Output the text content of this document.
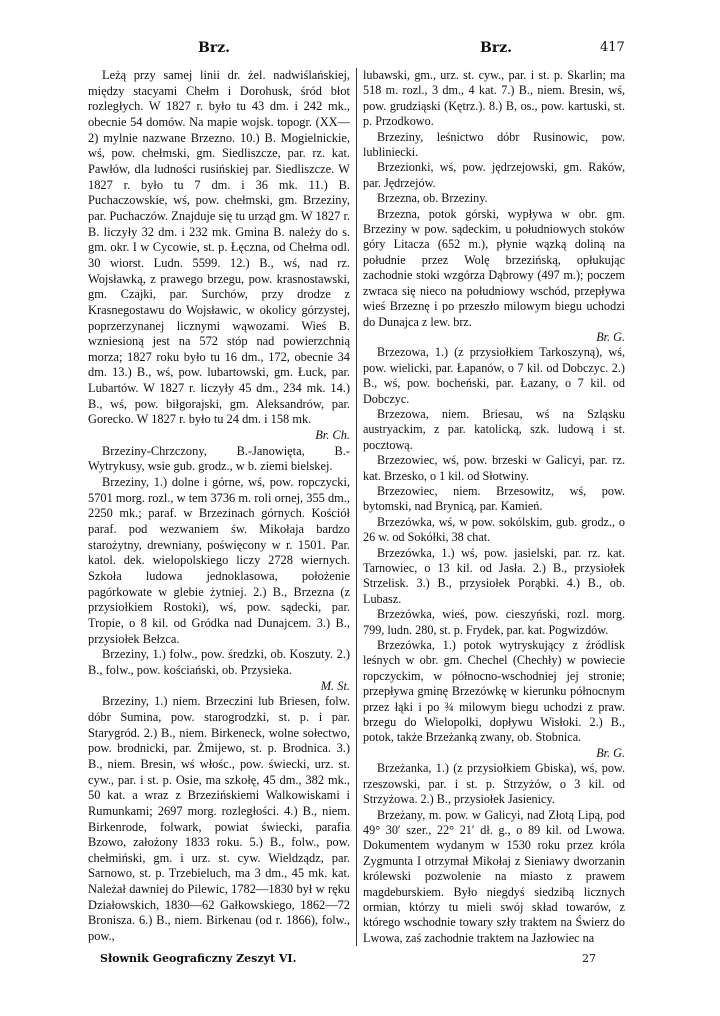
Brz.	Brz.	417

Leżą przy samej linii dr. żel. nadwiślańskiej, między stacyami Chełm i Dorohusk, śród błot rozległych. W 1827 r. było tu 43 dm. i 242 mk., obecnie 54 domów. Na mapie wojsk. topogr. (XX—2) mylnie nazwane Brzezno. 10.) B. Mogielnickie, wś, pow. chełmski, gm. Siedliszcze, par. rz. kat. Pawłów, dla ludności rusińskiej par. Siedliszcze. W 1827 r. było tu 7 dm. i 36 mk. 11.) B. Puchaczowskie, wś, pow. chełmski, gm. Brzeziny, par. Puchaczów. Znajduje się tu urząd gm. W 1827 r. B. liczyły 32 dm. i 232 mk. Gmina B. należy do s. gm. okr. I w Cycowie, st. p. Łęczna, od Chełma odl. 30 wiorst. Ludn. 5599. 12.) B., wś, nad rz. Wojsławką, z prawego brzegu, pow. krasnostawski, gm. Czajki, par. Surchów, przy drodze z Krasnegostawu do Wojsławic, w okolicy górzystej, poprzerzynanej licznymi wąwozami. Wieś B. wzniesioną jest na 572 stóp nad powierzchnią morza; 1827 roku było tu 16 dm., 172, obecnie 34 dm. 13.) B., wś, pow. lubartowski, gm. Łuck, par. Lubartów. W 1827 r. liczyły 45 dm., 234 mk. 14.) B., wś, pow. biłgorajski, gm. Aleksandrów, par. Gorecko. W 1827 r. było tu 24 dm. i 158 mk.

Br. Ch.

Brzeziny-Chrzczony, B.-Janowięta, B.-Wytrykusy, wsie gub. grodz., w b. ziemi bielskej.

Brzeziny, 1.) dolne i górne, wś, pow. ropczycki, 5701 morg. rozl., w tem 3736 m. roli ornej, 355 dm., 2250 mk.; paraf. w Brzezinach górnych. Kościół paraf. pod wezwaniem św. Mikołaja bardzo starożytny, drewniany, poświęcony w r. 1501. Par. katol. dek. wielopolskiego liczy 2728 wiernych. Szkoła ludowa jednoklasowa, położenie pagórkowate w glebie żytniej. 2.) B., Brzezna (z przysiołkiem Rostoki), wś, pow. sądecki, par. Tropie, o 8 kil. od Gródka nad Dunajcem. 3.) B., przysiołek Bełzca.

Brzeziny, 1.) folw., pow. średzki, ob. Koszuty. 2.) B., folw., pow. kościański, ob. Przysieka.

M. St.

Brzeziny, 1.) niem. Brzeczini lub Briesen, folw. dóbr Sumina, pow. starogrodzki, st. p. i par. Starygród. 2.) B., niem. Birkeneck, wolne sołectwo, pow. brodnicki, par. Żmijewo, st. p. Brodnica. 3.) B., niem. Bresin, wś włośc., pow. świecki, urz. st. cyw., par. i st. p. Osie, ma szkołę, 45 dm., 382 mk., 50 kat. a wraz z Brzezińskiemi Walkowiskami i Rumunkami; 2697 morg. rozległości. 4.) B., niem. Birkenrode, folwark, powiat świecki, parafia Bzowo, założony 1833 roku. 5.) B., folw., pow. chełmiński, gm. i urz. st. cyw. Wieldządz, par. Sarnowo, st. p. Trzebieluch, ma 3 dm., 45 mk. kat. Należał dawniej do Pilewic, 1782—1830 był w ręku Działowskich, 1830—62 Gałkowskiego, 1862—72 Bronisza. 6.) B., niem. Birkenau (od r. 1866), folw., pow.,

lubawski, gm., urz. st. cyw., par. i st. p. Skarlin; ma 518 m. rozl., 3 dm., 4 kat. 7.) B., niem. Bresin, wś, pow. grudziąski (Kętrz.). 8.) B, os., pow. kartuski, st. p. Przodkowo.

Brzeziny, leśnictwo dóbr Rusinowic, pow. lubliniecki.

Brzezionki, wś, pow. jędrzejowski, gm. Raków, par. Jędrzejów.

Brzezna, ob. Brzeziny.

Brzezna, potok górski, wypływa w obr. gm. Brzeziny w pow. sądeckim, u południowych stoków góry Litacza (652 m.), płynie wązką doliną na południe przez Wolę brzezińską, opłukując zachodnie stoki wzgórza Dąbrowy (497 m.); poczem zwraca się nieco na południowy wschód, przepływa wieś Brzeznę i po przeszło milowym biegu uchodzi do Dunajca z lew. brz.

Br. G.

Brzezowa, 1.) (z przysiołkiem Tarkoszyną), wś, pow. wielicki, par. Łapanów, o 7 kil. od Dobczyc. 2.) B., wś, pow. bocheński, par. Łazany, o 7 kil. od Dobczyc.

Brzezowa, niem. Briesau, wś na Szląsku austryackim, z par. katolicką, szk. ludową i st. pocztową.

Brzezowiec, wś, pow. brzeski w Galicyi, par. rz. kat. Brzesko, o 1 kil. od Słotwiny.

Brzezowiec, niem. Brzesowitz, wś, pow. bytomski, nad Brynicą, par. Kamień.

Brzezówka, wś, w pow. sokólskim, gub. grodz., o 26 w. od Sokółki, 38 chat.

Brzezówka, 1.) wś, pow. jasielski, par. rz. kat. Tarnowiec, o 13 kil. od Jasła. 2.) B., przysiołek Strzelisk. 3.) B., przysiołek Porąbki. 4.) B., ob. Lubasz.

Brzezówka, wieś, pow. cieszyński, rozl. morg. 799, ludn. 280, st. p. Frydek, par. kat. Pogwizdów.

Brzezówka, 1.) potok wytryskujący z źródlisk leśnych w obr. gm. Chechel (Chechły) w powiecie ropczyckim, w północno-wschodniej jej stronie; przepływa gminę Brzezówkę w kierunku północnym przez łąki i po ¾ milowym biegu uchodzi z praw. brzegu do Wielopolki, dopływu Wisłoki. 2.) B., potok, także Brzeżanką zwany, ob. Stobnica.

Br. G.

Brzeżanka, 1.) (z przysiołkiem Gbiska), wś, pow. rzeszowski, par. i st. p. Strzyżów, o 3 kil. od Strzyżowa. 2.) B., przysiołek Jasienicy.

Brzeżany, m. pow. w Galicyi, nad Złotą Lipą, pod 49° 30′ szer., 22° 21′ dł. g., o 89 kil. od Lwowa. Dokumentem wydanym w 1530 roku przez króla Zygmunta I otrzymał Mikołaj z Sieniawy dworzanin królewski pozwolenie na miasto z prawem magdeburskiem. Było niegdyś siedzibą licznych ormian, którzy tu mieli swój skład towarów, z którego wschodnie towary szły traktem na Świerz do Lwowa, zaś zachodnie traktem na Jazłowiec na

Słownik Geograficzny Zeszyt VI.	27
